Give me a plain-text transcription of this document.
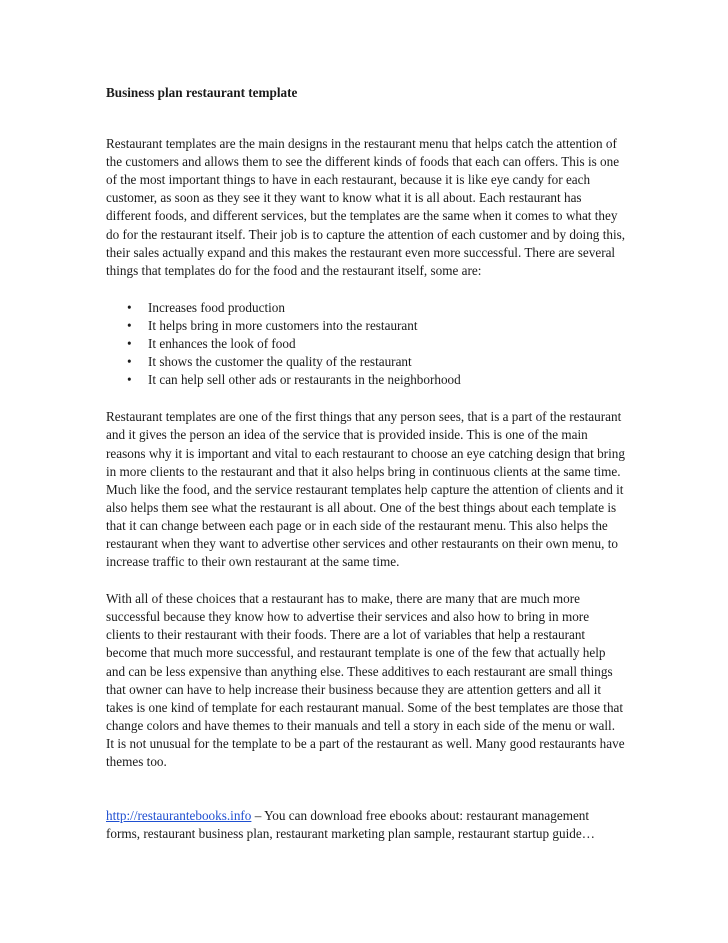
Business plan restaurant template

Restaurant templates are the main designs in the restaurant menu that helps catch the attention of the customers and allows them to see the different kinds of foods that each can offers. This is one of the most important things to have in each restaurant, because it is like eye candy for each customer, as soon as they see it they want to know what it is all about. Each restaurant has different foods, and different services, but the templates are the same when it comes to what they do for the restaurant itself. Their job is to capture the attention of each customer and by doing this, their sales actually expand and this makes the restaurant even more successful. There are several things that templates do for the food and the restaurant itself, some are:

• Increases food production
• It helps bring in more customers into the restaurant
• It enhances the look of food
• It shows the customer the quality of the restaurant
• It can help sell other ads or restaurants in the neighborhood

Restaurant templates are one of the first things that any person sees, that is a part of the restaurant and it gives the person an idea of the service that is provided inside. This is one of the main reasons why it is important and vital to each restaurant to choose an eye catching design that bring in more clients to the restaurant and that it also helps bring in continuous clients at the same time. Much like the food, and the service restaurant templates help capture the attention of clients and it also helps them see what the restaurant is all about. One of the best things about each template is that it can change between each page or in each side of the restaurant menu. This also helps the restaurant when they want to advertise other services and other restaurants on their own menu, to increase traffic to their own restaurant at the same time.

With all of these choices that a restaurant has to make, there are many that are much more successful because they know how to advertise their services and also how to bring in more clients to their restaurant with their foods. There are a lot of variables that help a restaurant become that much more successful, and restaurant template is one of the few that actually help and can be less expensive than anything else. These additives to each restaurant are small things that owner can have to help increase their business because they are attention getters and all it takes is one kind of template for each restaurant manual. Some of the best templates are those that change colors and have themes to their manuals and tell a story in each side of the menu or wall. It is not unusual for the template to be a part of the restaurant as well. Many good restaurants have themes too.

http://restaurantebooks.info – You can download free ebooks about: restaurant management forms, restaurant business plan, restaurant marketing plan sample, restaurant startup guide…
